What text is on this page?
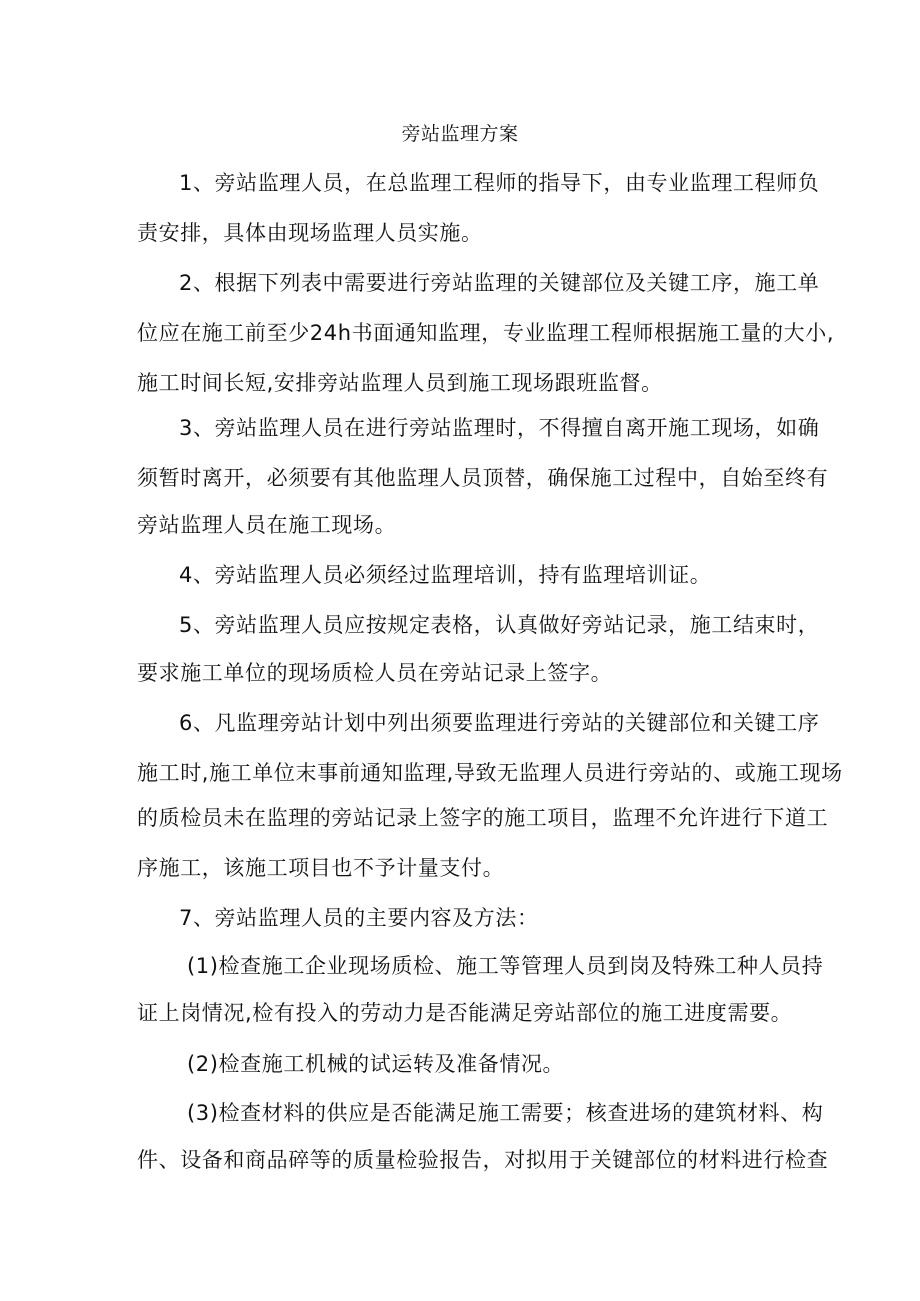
旁站监理方案
1、旁站监理人员，在总监理工程师的指导下，由专业监理工程师负
责安排，具体由现场监理人员实施。
2、根据下列表中需要进行旁站监理的关键部位及关键工序，施工单
位应在施工前至少24h书面通知监理，专业监理工程师根据施工量的大小,
施工时间长短,安排旁站监理人员到施工现场跟班监督。
3、旁站监理人员在进行旁站监理时，不得擅自离开施工现场，如确
须暂时离开，必须要有其他监理人员顶替，确保施工过程中，自始至终有
旁站监理人员在施工现场。
4、旁站监理人员必须经过监理培训，持有监理培训证。
5、旁站监理人员应按规定表格，认真做好旁站记录，施工结束时，
要求施工单位的现场质检人员在旁站记录上签字。
6、凡监理旁站计划中列出须要监理进行旁站的关键部位和关键工序
施工时,施工单位末事前通知监理,导致无监理人员进行旁站的、或施工现场
的质检员未在监理的旁站记录上签字的施工项目，监理不允许进行下道工
序施工，该施工项目也不予计量支付。
7、旁站监理人员的主要内容及方法：
(1)检查施工企业现场质检、施工等管理人员到岗及特殊工种人员持
证上岗情况,检有投入的劳动力是否能满足旁站部位的施工进度需要。
(2)检查施工机械的试运转及准备情况。
(3)检查材料的供应是否能满足施工需要；核查进场的建筑材料、构
件、设备和商品碎等的质量检验报告，对拟用于关键部位的材料进行检查
